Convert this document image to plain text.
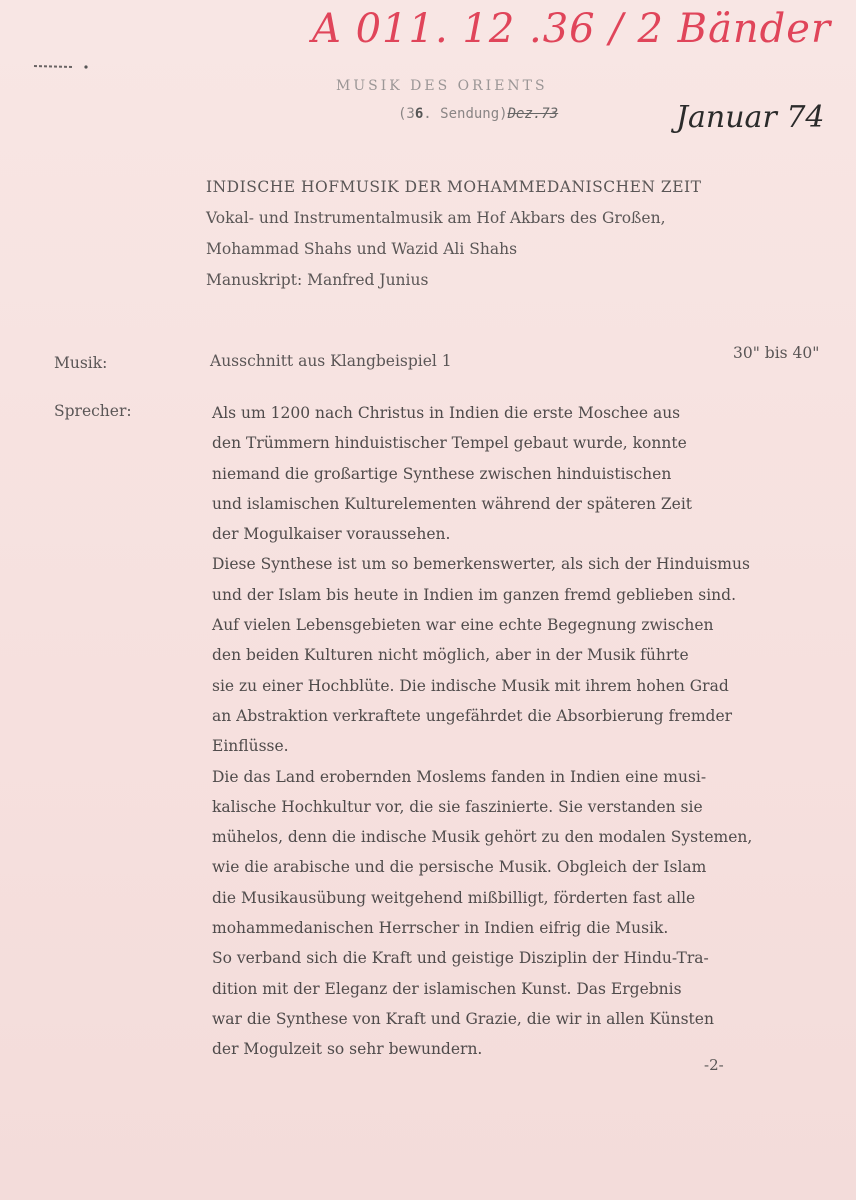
A 011. 12 .36 / 2 Bänder
Januar 74
MUSIK DES ORIENTS
(36. Sendung)Dez.73
INDISCHE HOFMUSIK DER MOHAMMEDANISCHEN ZEIT
Vokal- und Instrumentalmusik am Hof Akbars des Großen,
Mohammad Shahs und Wazid Ali Shahs
Manuskript: Manfred Junius
Musik:	Ausschnitt aus Klangbeispiel 1	30" bis 40"
Sprecher:	Als um 1200 nach Christus in Indien die erste Moschee aus
den Trümmern hinduistischer Tempel gebaut wurde, konnte
niemand die großartige Synthese zwischen hinduistischen
und islamischen Kulturelementen während der späteren Zeit
der Mogulkaiser voraussehen.
Diese Synthese ist um so bemerkenswerter, als sich der Hinduismus
und der Islam bis heute in Indien im ganzen fremd geblieben sind.
Auf vielen Lebensgebieten war eine echte Begegnung zwischen
den beiden Kulturen nicht möglich, aber in der Musik führte
sie zu einer Hochblüte. Die indische Musik mit ihrem hohen Grad
an Abstraktion verkraftete ungefährdet die Absorbierung fremder
Einflüsse.
Die das Land erobernden Moslems fanden in Indien eine musi-
kalische Hochkultur vor, die sie faszinierte. Sie verstanden sie
mühelos, denn die indische Musik gehört zu den modalen Systemen,
wie die arabische und die persische Musik. Obgleich der Islam
die Musikausübung weitgehend mißbilligt, förderten fast alle
mohammedanischen Herrscher in Indien eifrig die Musik.
So verband sich die Kraft und geistige Disziplin der Hindu-Tra-
dition mit der Eleganz der islamischen Kunst. Das Ergebnis
war die Synthese von Kraft und Grazie, die wir in allen Künsten
der Mogulzeit so sehr bewundern.
-2-
